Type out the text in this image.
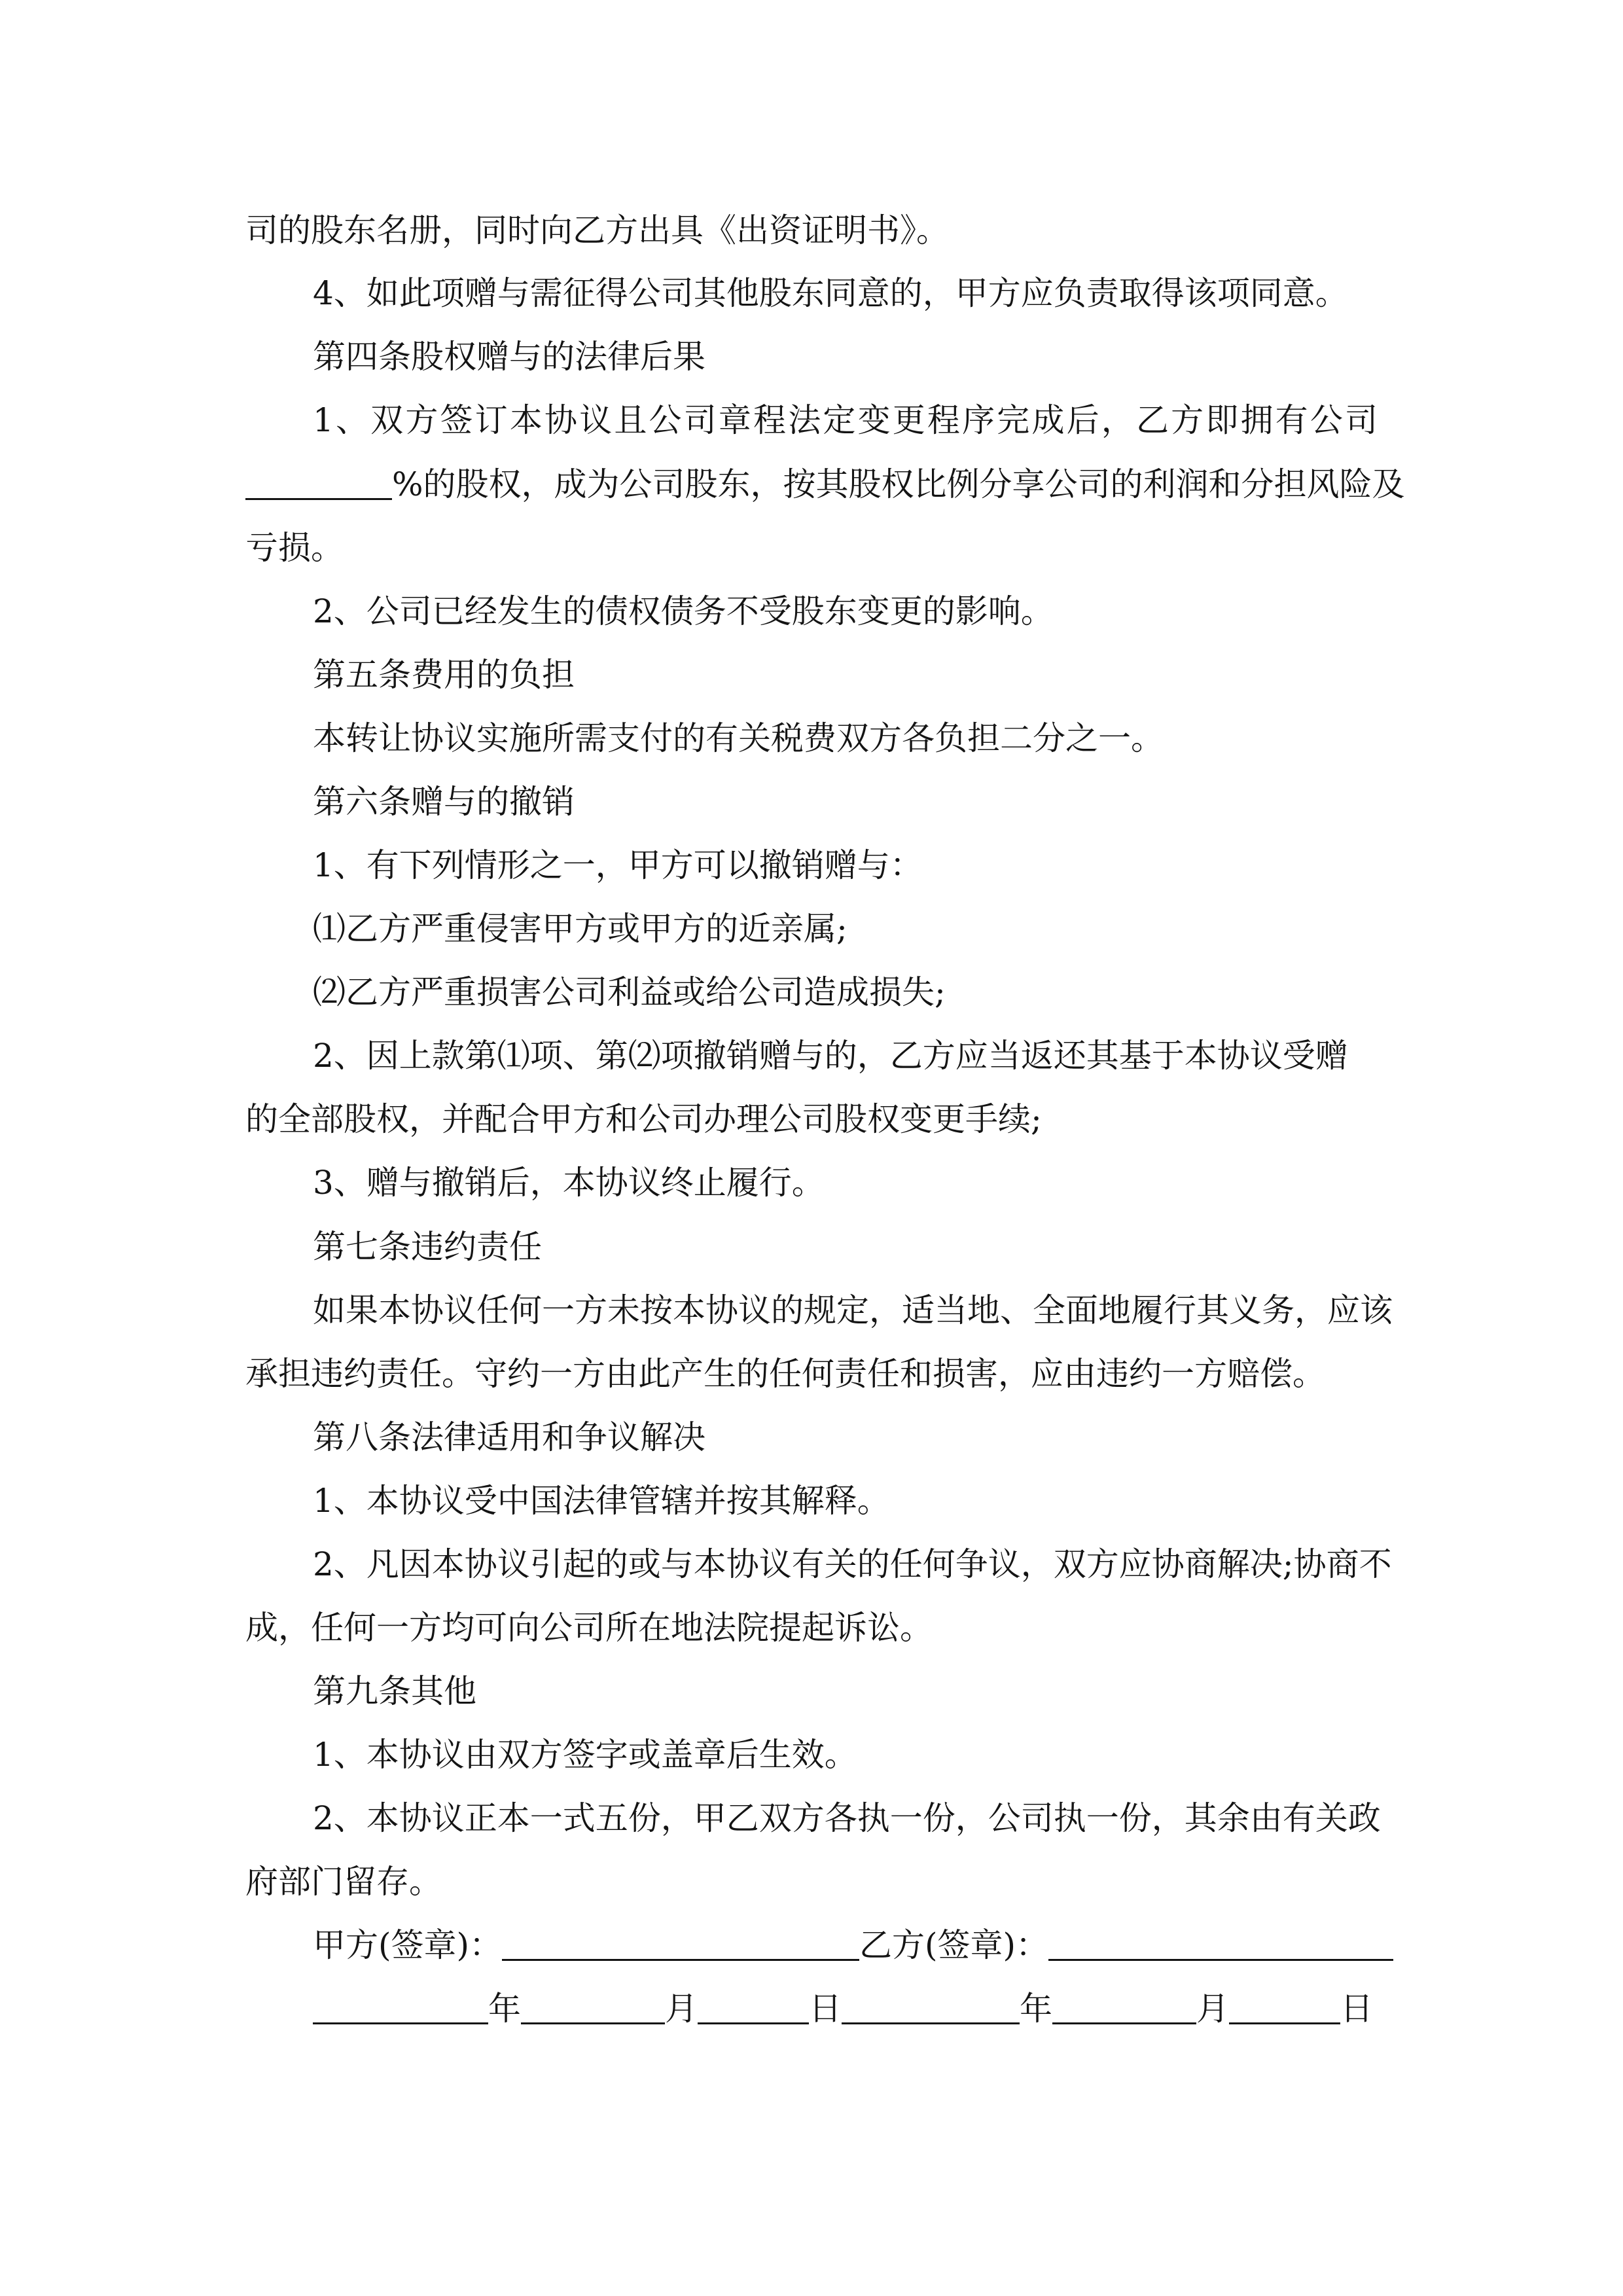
司的股东名册，同时向乙方出具《出资证明书》。
4、如此项赠与需征得公司其他股东同意的，甲方应负责取得该项同意。
第四条股权赠与的法律后果
1、双方签订本协议且公司章程法定变更程序完成后，乙方即拥有公司
%的股权，成为公司股东，按其股权比例分享公司的利润和分担风险及
亏损。
2、公司已经发生的债权债务不受股东变更的影响。
第五条费用的负担
本转让协议实施所需支付的有关税费双方各负担二分之一。
第六条赠与的撤销
1、有下列情形之一，甲方可以撤销赠与：
⑴乙方严重侵害甲方或甲方的近亲属;
⑵乙方严重损害公司利益或给公司造成损失;
2、因上款第⑴项、第⑵项撤销赠与的，乙方应当返还其基于本协议受赠
的全部股权，并配合甲方和公司办理公司股权变更手续;
3、赠与撤销后，本协议终止履行。
第七条违约责任
如果本协议任何一方未按本协议的规定，适当地、全面地履行其义务，应该
承担违约责任。守约一方由此产生的任何责任和损害，应由违约一方赔偿。
第八条法律适用和争议解决
1、本协议受中国法律管辖并按其解释。
2、凡因本协议引起的或与本协议有关的任何争议，双方应协商解决;协商不
成，任何一方均可向公司所在地法院提起诉讼。
第九条其他
1、本协议由双方签字或盖章后生效。
2、本协议正本一式五份，甲乙双方各执一份，公司执一份，其余由有关政
府部门留存。
甲方(签章)：	乙方(签章)：
年	月	日	年	月	日
